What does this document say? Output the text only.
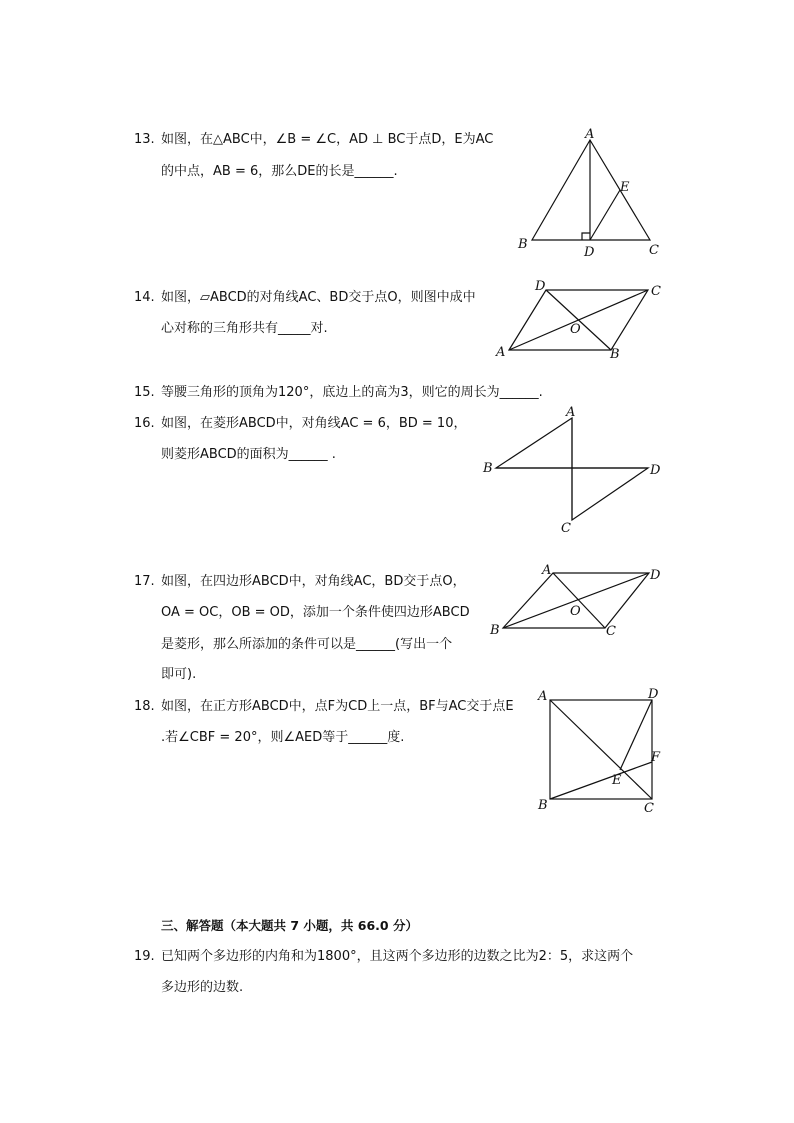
13. 如图，在△ABC中，∠B = ∠C，AD ⊥ BC于点D，E为AC
的中点，AB = 6，那么DE的长是______.
A
B	C
D
E
14. 如图，▱ABCD的对角线AC、BD交于点O，则图中成中
心对称的三角形共有_____对.
A	B
C
D
O
15. 等腰三角形的顶角为120°，底边上的高为3，则它的周长为______.
16. 如图，在菱形ABCD中，对角线AC = 6，BD = 10，
则菱形ABCD的面积为______ .
A
B
C
D
17. 如图，在四边形ABCD中，对角线AC，BD交于点O，
OA = OC，OB = OD，添加一个条件使四边形ABCD
是菱形，那么所添加的条件可以是______(写出一个
即可).
A
B	C
D
O
18. 如图，在正方形ABCD中，点F为CD上一点，BF与AC交于点E
.若∠CBF = 20°，则∠AED等于______度.
A
B	C
D
E
F
三、解答题（本大题共 7 小题，共 66.0 分）
19. 已知两个多边形的内角和为1800°，且这两个多边形的边数之比为2：5，求这两个
多边形的边数.
